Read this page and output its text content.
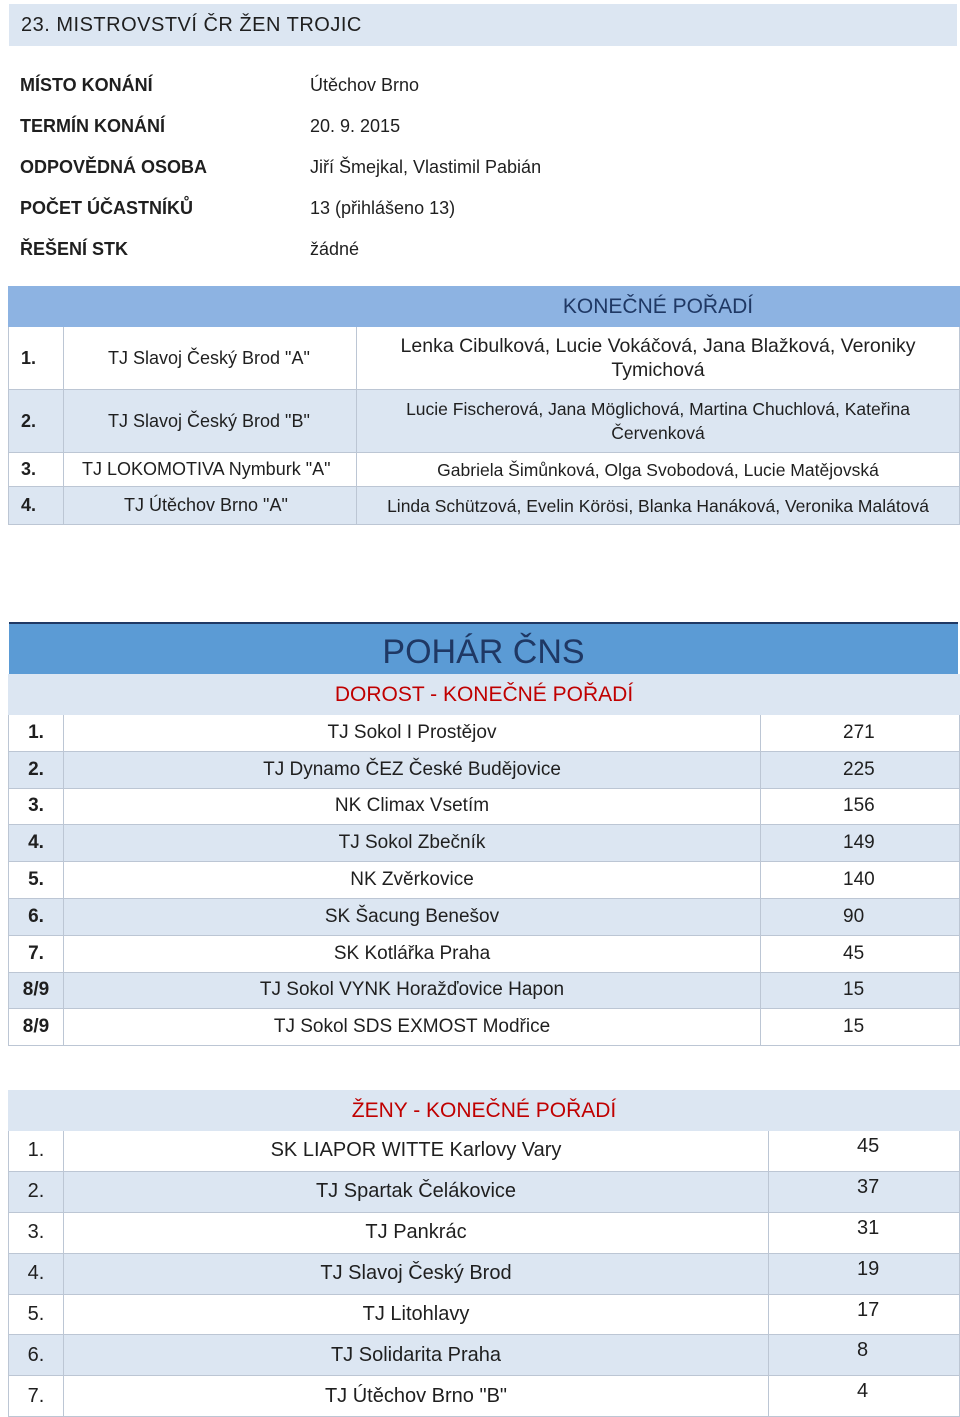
23. MISTROVSTVÍ ČR ŽEN TROJIC
MÍSTO KONÁNÍ	Útěchov Brno
TERMÍN KONÁNÍ	20. 9. 2015
ODPOVĚDNÁ OSOBA	Jiří Šmejkal, Vlastimil Pabián
POČET ÚČASTNÍKŮ	13 (přihlášeno 13)
ŘEŠENÍ STK	žádné
		KONEČNÉ POŘADÍ
1.	TJ Slavoj Český Brod "A"	Lenka Cibulková, Lucie Vokáčová, Jana Blažková, Veroniky Tymichová
2.	TJ Slavoj Český Brod "B"	Lucie Fischerová, Jana Möglichová, Martina Chuchlová, Kateřina Červenková
3.	TJ LOKOMOTIVA Nymburk "A"	Gabriela Šimůnková, Olga Svobodová, Lucie Matějovská
4.	TJ Útěchov Brno "A"	Linda Schützová, Evelin Körösi, Blanka Hanáková, Veronika Malátová
POHÁR ČNS
DOROST - KONEČNÉ POŘADÍ		
1.	TJ Sokol I Prostějov	271
2.	TJ Dynamo ČEZ České Budějovice	225
3.	NK Climax Vsetím	156
4.	TJ Sokol Zbečník	149
5.	NK Zvěrkovice	140
6.	SK Šacung Benešov	90
7.	SK Kotlářka Praha	45
8/9	TJ Sokol VYNK Horažďovice Hapon	15
8/9	TJ Sokol SDS EXMOST Modřice	15
ŽENY - KONEČNÉ POŘADÍ		
1.	SK LIAPOR WITTE Karlovy Vary	45
2.	TJ Spartak Čelákovice	37
3.	TJ Pankrác	31
4.	TJ Slavoj Český Brod	19
5.	TJ Litohlavy	17
6.	TJ Solidarita Praha	8
7.	TJ Útěchov Brno "B"	4
